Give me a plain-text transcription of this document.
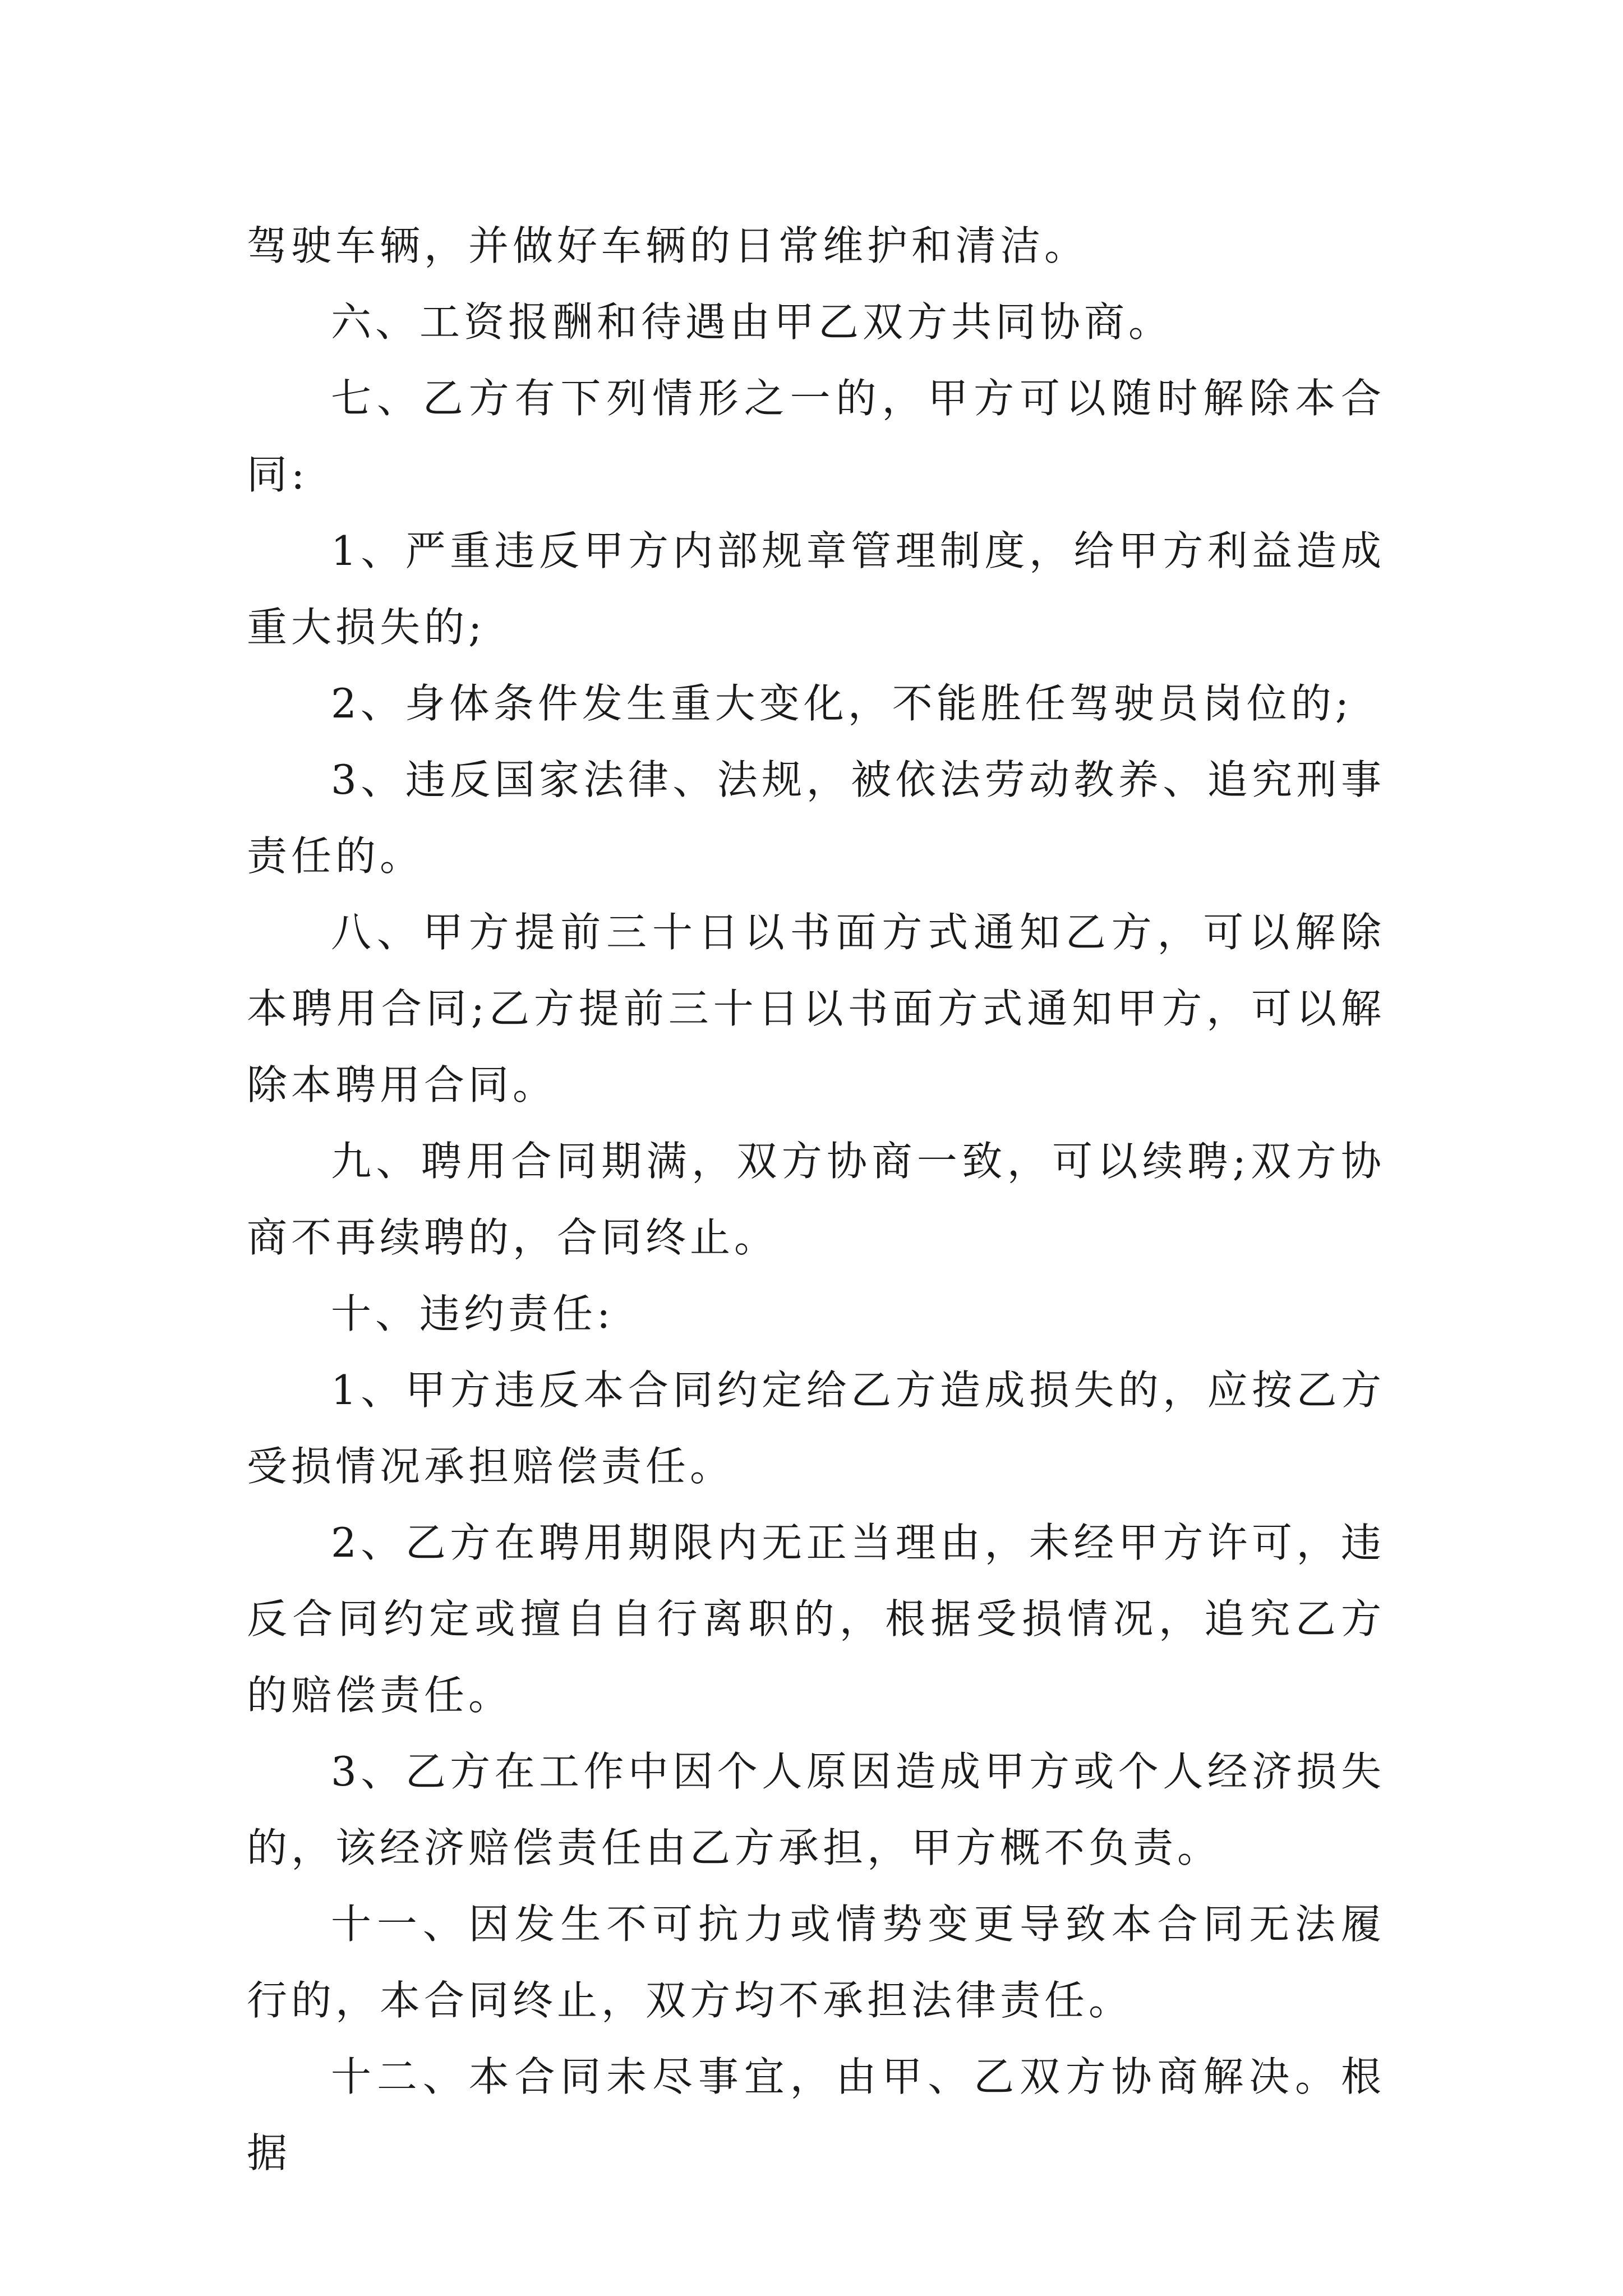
驾驶车辆，并做好车辆的日常维护和清洁。

六、工资报酬和待遇由甲乙双方共同协商。

七、乙方有下列情形之一的，甲方可以随时解除本合同:

1、严重违反甲方内部规章管理制度，给甲方利益造成重大损失的;

2、身体条件发生重大变化，不能胜任驾驶员岗位的;

3、违反国家法律、法规，被依法劳动教养、追究刑事责任的。

八、甲方提前三十日以书面方式通知乙方，可以解除本聘用合同;乙方提前三十日以书面方式通知甲方，可以解除本聘用合同。

九、聘用合同期满，双方协商一致，可以续聘;双方协商不再续聘的，合同终止。

十、违约责任:

1、甲方违反本合同约定给乙方造成损失的，应按乙方受损情况承担赔偿责任。

2、乙方在聘用期限内无正当理由，未经甲方许可，违反合同约定或擅自自行离职的，根据受损情况，追究乙方的赔偿责任。

3、乙方在工作中因个人原因造成甲方或个人经济损失的，该经济赔偿责任由乙方承担，甲方概不负责。

十一、因发生不可抗力或情势变更导致本合同无法履行的，本合同终止，双方均不承担法律责任。

十二、本合同未尽事宜，由甲、乙双方协商解决。根据
